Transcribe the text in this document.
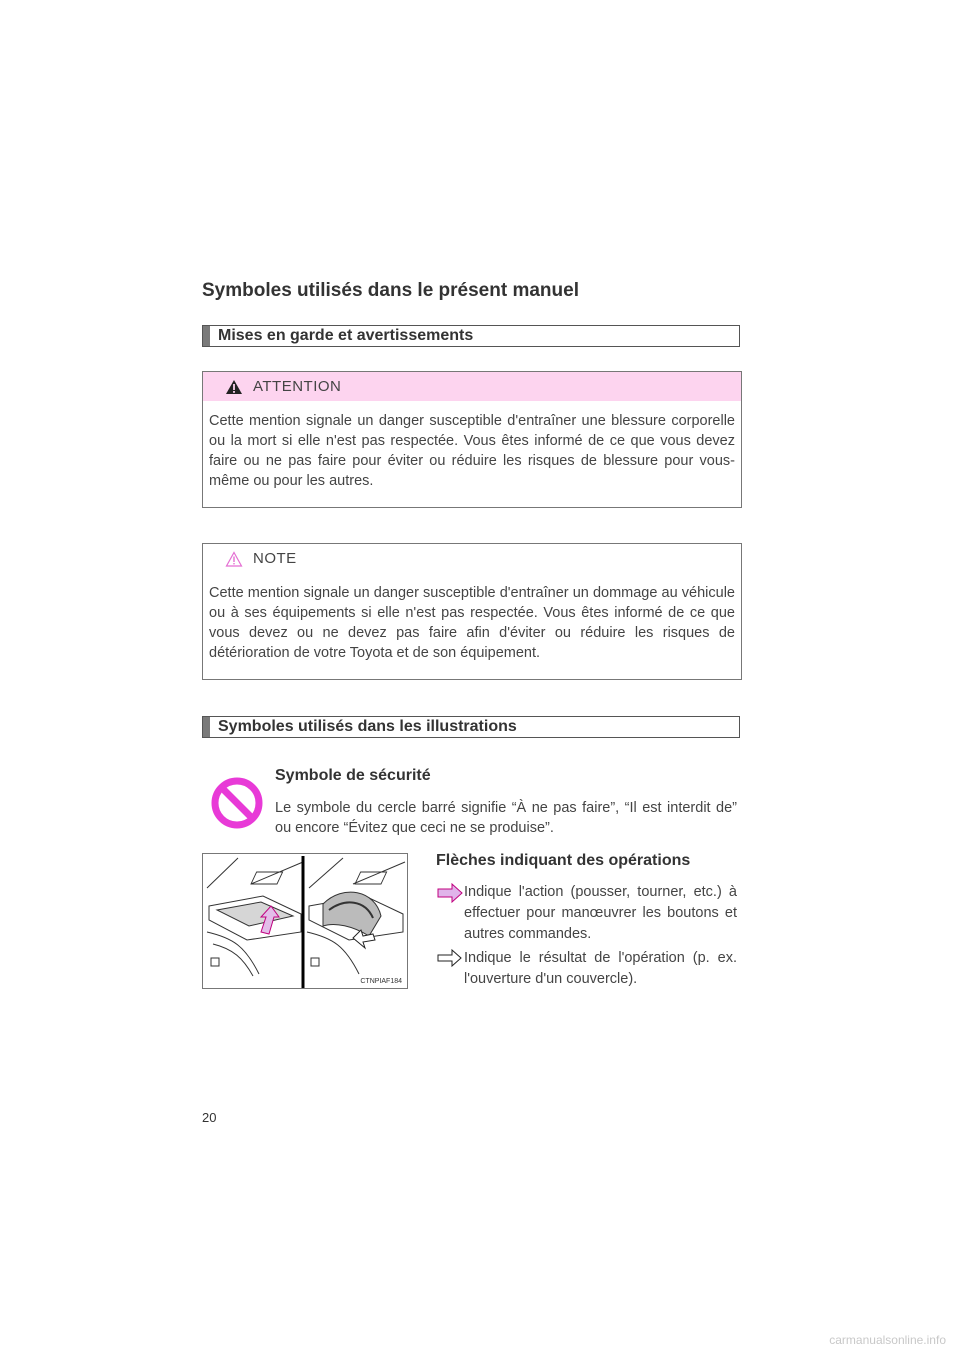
Symboles utilisés dans le présent manuel
Mises en garde et avertissements
ATTENTION
Cette mention signale un danger susceptible d'entraîner une blessure corporelle ou la mort si elle n'est pas respectée. Vous êtes informé de ce que vous devez faire ou ne pas faire pour éviter ou réduire les risques de blessure pour vous-même ou pour les autres.
NOTE
Cette mention signale un danger susceptible d'entraîner un dommage au véhicule ou à ses équipements si elle n'est pas respectée. Vous êtes informé de ce que vous devez ou ne devez pas faire afin d'éviter ou réduire les risques de détérioration de votre Toyota et de son équipement.
Symboles utilisés dans les illustrations
Symbole de sécurité
Le symbole du cercle barré signifie “À ne pas faire”, “Il est interdit de” ou encore “Évitez que ceci ne se produise”.
CTNPIAF184
Flèches indiquant des opérations
Indique l'action (pousser, tourner, etc.) à effectuer pour manœuvrer les boutons et autres commandes.
Indique le résultat de l'opération (p. ex. l'ouverture d'un couvercle).
20
carmanualsonline.info
